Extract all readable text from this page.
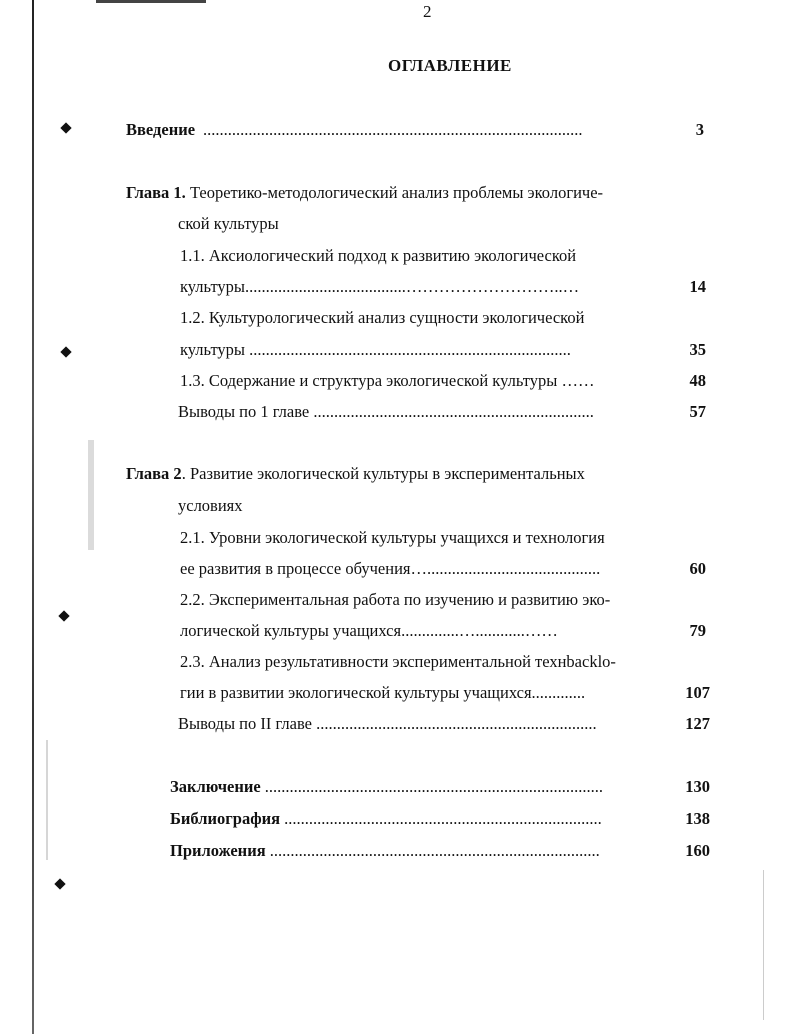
2
ОГЛАВЛЕНИЕ
Введение ............................................................................................	3
Глава 1. Теоретико-методологический анализ проблемы экологиче-
ской культуры
1.1. Аксиологический подход к развитию экологической
культуры.......................................………………………..…	14
1.2. Культурологический анализ сущности экологической
культуры ..............................................................................	35
1.3. Содержание и структура экологической культуры ……	48
Выводы по 1 главе ....................................................................	57
Глава 2. Развитие экологической культуры в экспериментальных
условиях
2.1. Уровни экологической культуры учащихся и технология
ее развития в процессе обучения…..........................................	60
2.2. Экспериментальная работа по изучению и развитию эко-
логической культуры учащихся..............…............……	79
2.3. Анализ результативности экспериментальной технbacklo-
гии в развитии экологической культуры учащихся.............	107
Выводы по II главе ....................................................................	127
Заключение ..................................................................................	130
Библиография .............................................................................	138
Приложения ................................................................................	160
